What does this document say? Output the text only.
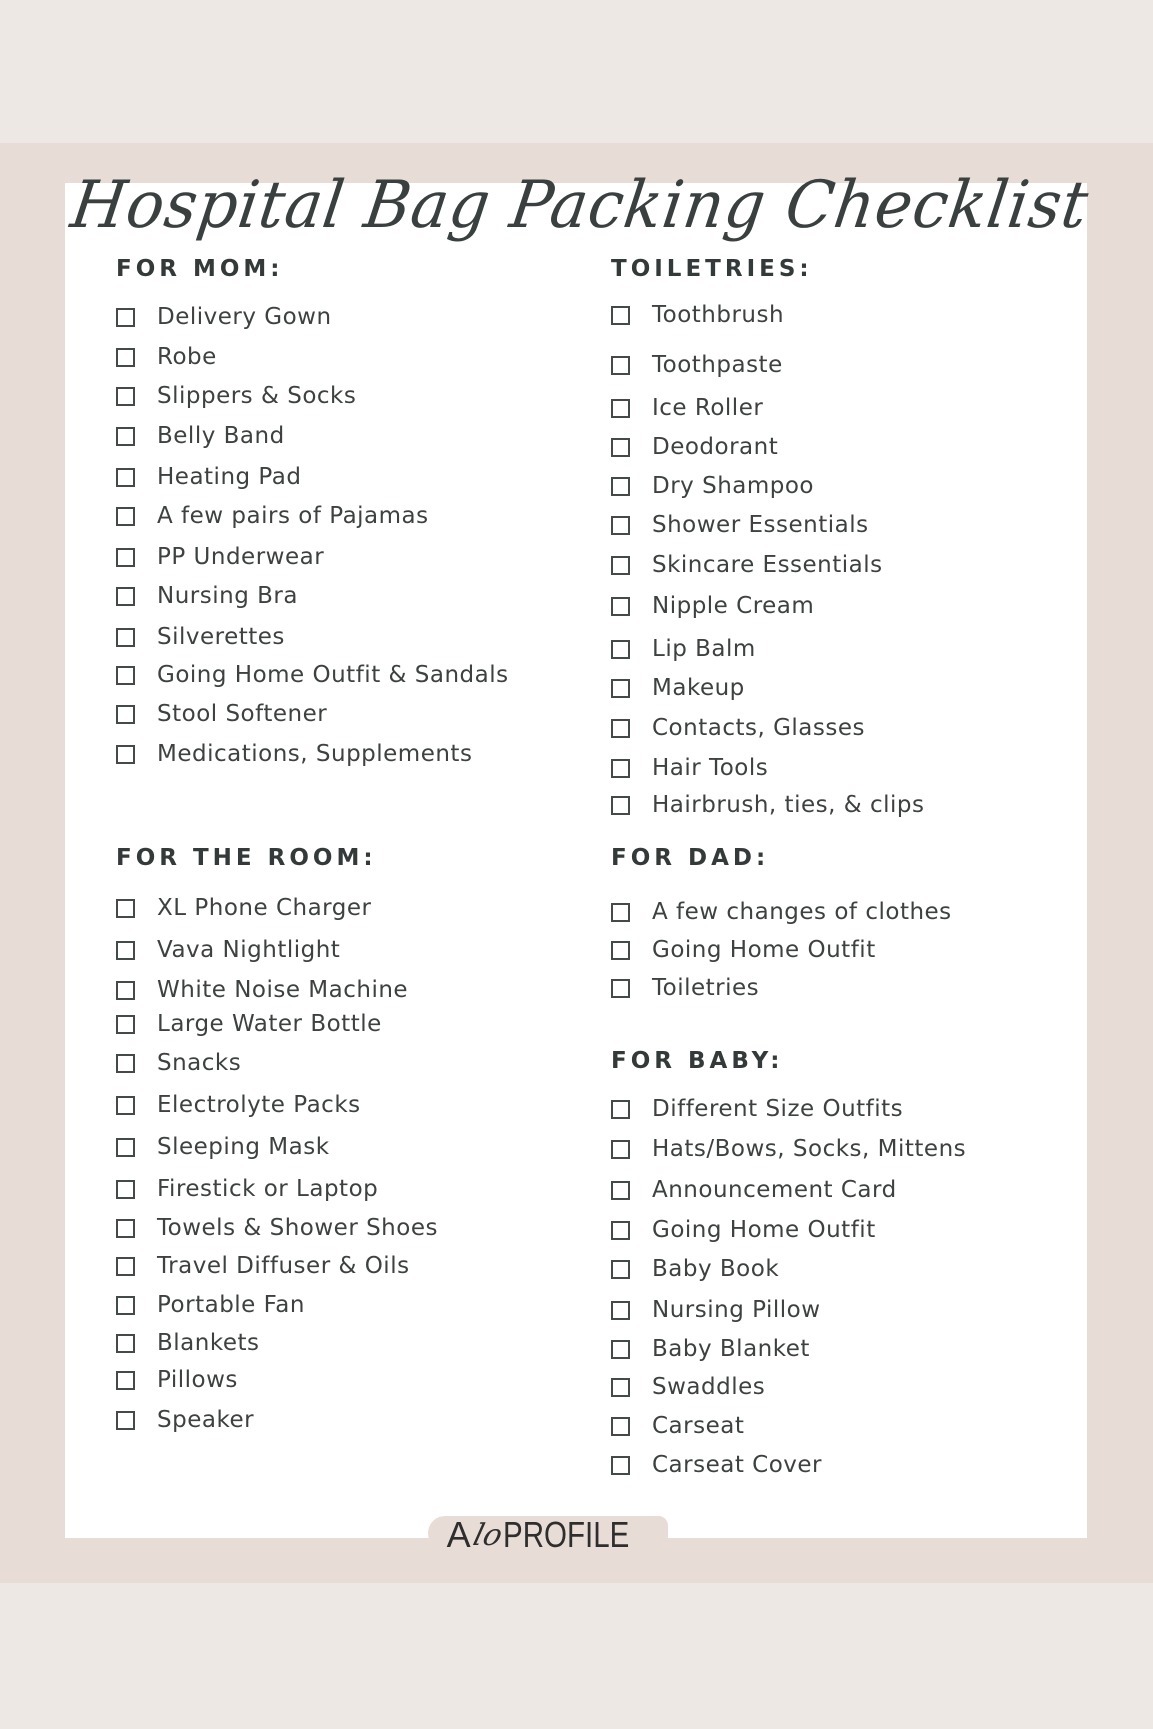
Hospital Bag Packing Checklist
FOR MOM:
Delivery Gown
Robe
Slippers & Socks
Belly Band
Heating Pad
A few pairs of Pajamas
PP Underwear
Nursing Bra
Silverettes
Going Home Outfit & Sandals
Stool Softener
Medications, Supplements
TOILETRIES:
Toothbrush
Toothpaste
Ice Roller
Deodorant
Dry Shampoo
Shower Essentials
Skincare Essentials
Nipple Cream
Lip Balm
Makeup
Contacts, Glasses
Hair Tools
Hairbrush, ties, & clips
FOR THE ROOM:
XL Phone Charger
Vava Nightlight
White Noise Machine
Large Water Bottle
Snacks
Electrolyte Packs
Sleeping Mask
Firestick or Laptop
Towels & Shower Shoes
Travel Diffuser & Oils
Portable Fan
Blankets
Pillows
Speaker
FOR DAD:
A few changes of clothes
Going Home Outfit
Toiletries
FOR BABY:
Different Size Outfits
Hats/Bows, Socks, Mittens
Announcement Card
Going Home Outfit
Baby Book
Nursing Pillow
Baby Blanket
Swaddles
Carseat
Carseat Cover
A
lo
PROFILE
